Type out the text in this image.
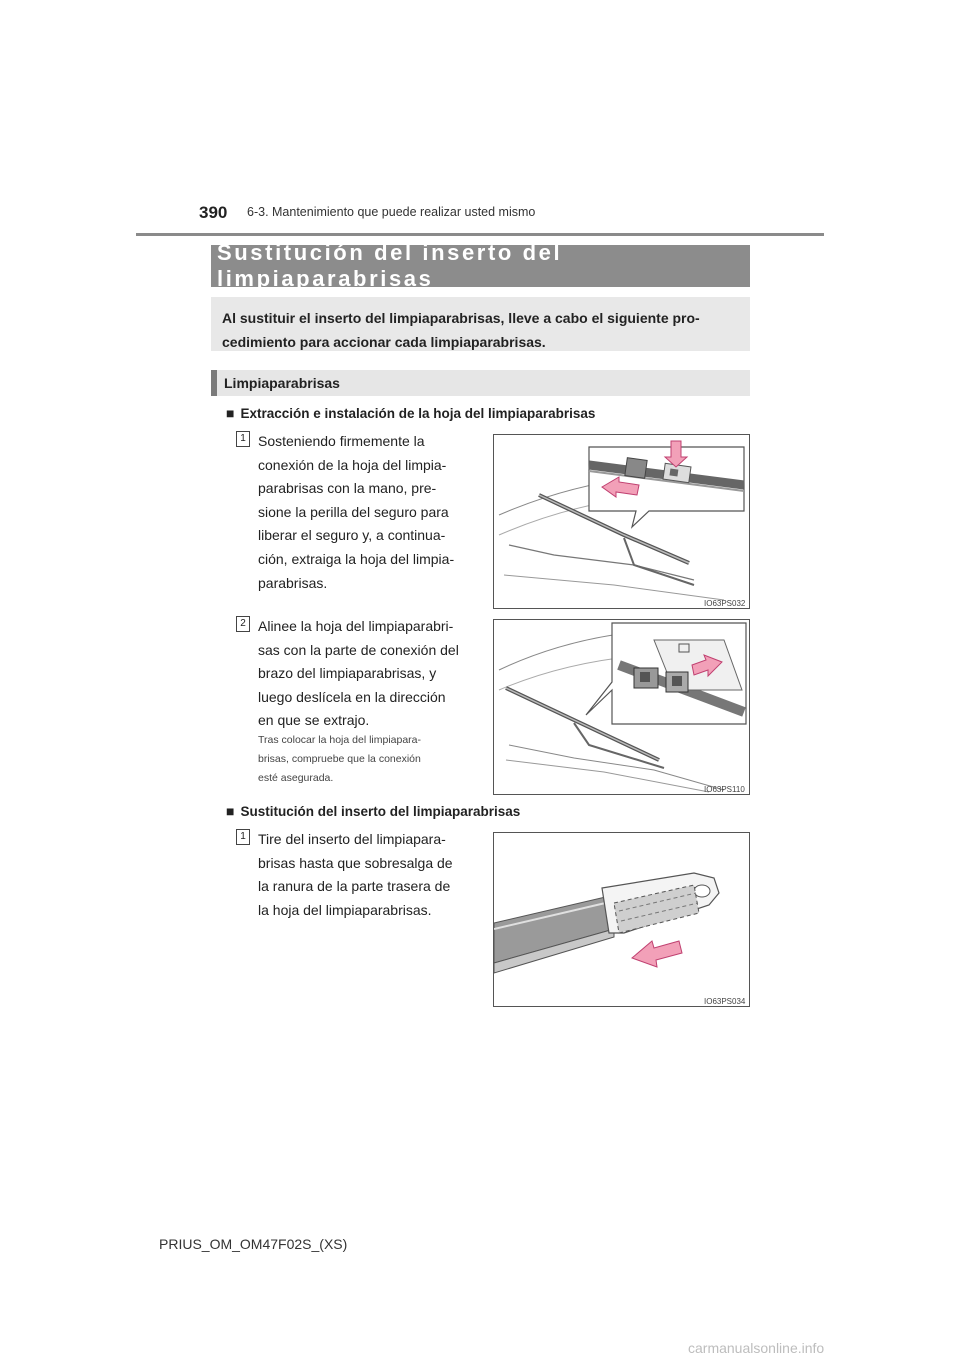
390 6-3. Mantenimiento que puede realizar usted mismo
Sustitución del inserto del limpiaparabrisas
Al sustituir el inserto del limpiaparabrisas, lleve a cabo el siguiente pro-
cedimiento para accionar cada limpiaparabrisas.
Limpiaparabrisas
■ Extracción e instalación de la hoja del limpiaparabrisas
1 Sosteniendo firmemente la
conexión de la hoja del limpia-
parabrisas con la mano, pre-
sione la perilla del seguro para
liberar el seguro y, a continua-
ción, extraiga la hoja del limpia-
parabrisas.
IO63PS032
2 Alinee la hoja del limpiaparabri-
sas con la parte de conexión del
brazo del limpiaparabrisas, y
luego deslícela en la dirección
en que se extrajo.
Tras colocar la hoja del limpiapara-
brisas, compruebe que la conexión
esté asegurada.
IO63PS110
■ Sustitución del inserto del limpiaparabrisas
1 Tire del inserto del limpiapara-
brisas hasta que sobresalga de
la ranura de la parte trasera de
la hoja del limpiaparabrisas.
IO63PS034
PRIUS_OM_OM47F02S_(XS)
carmanualsonline.info
